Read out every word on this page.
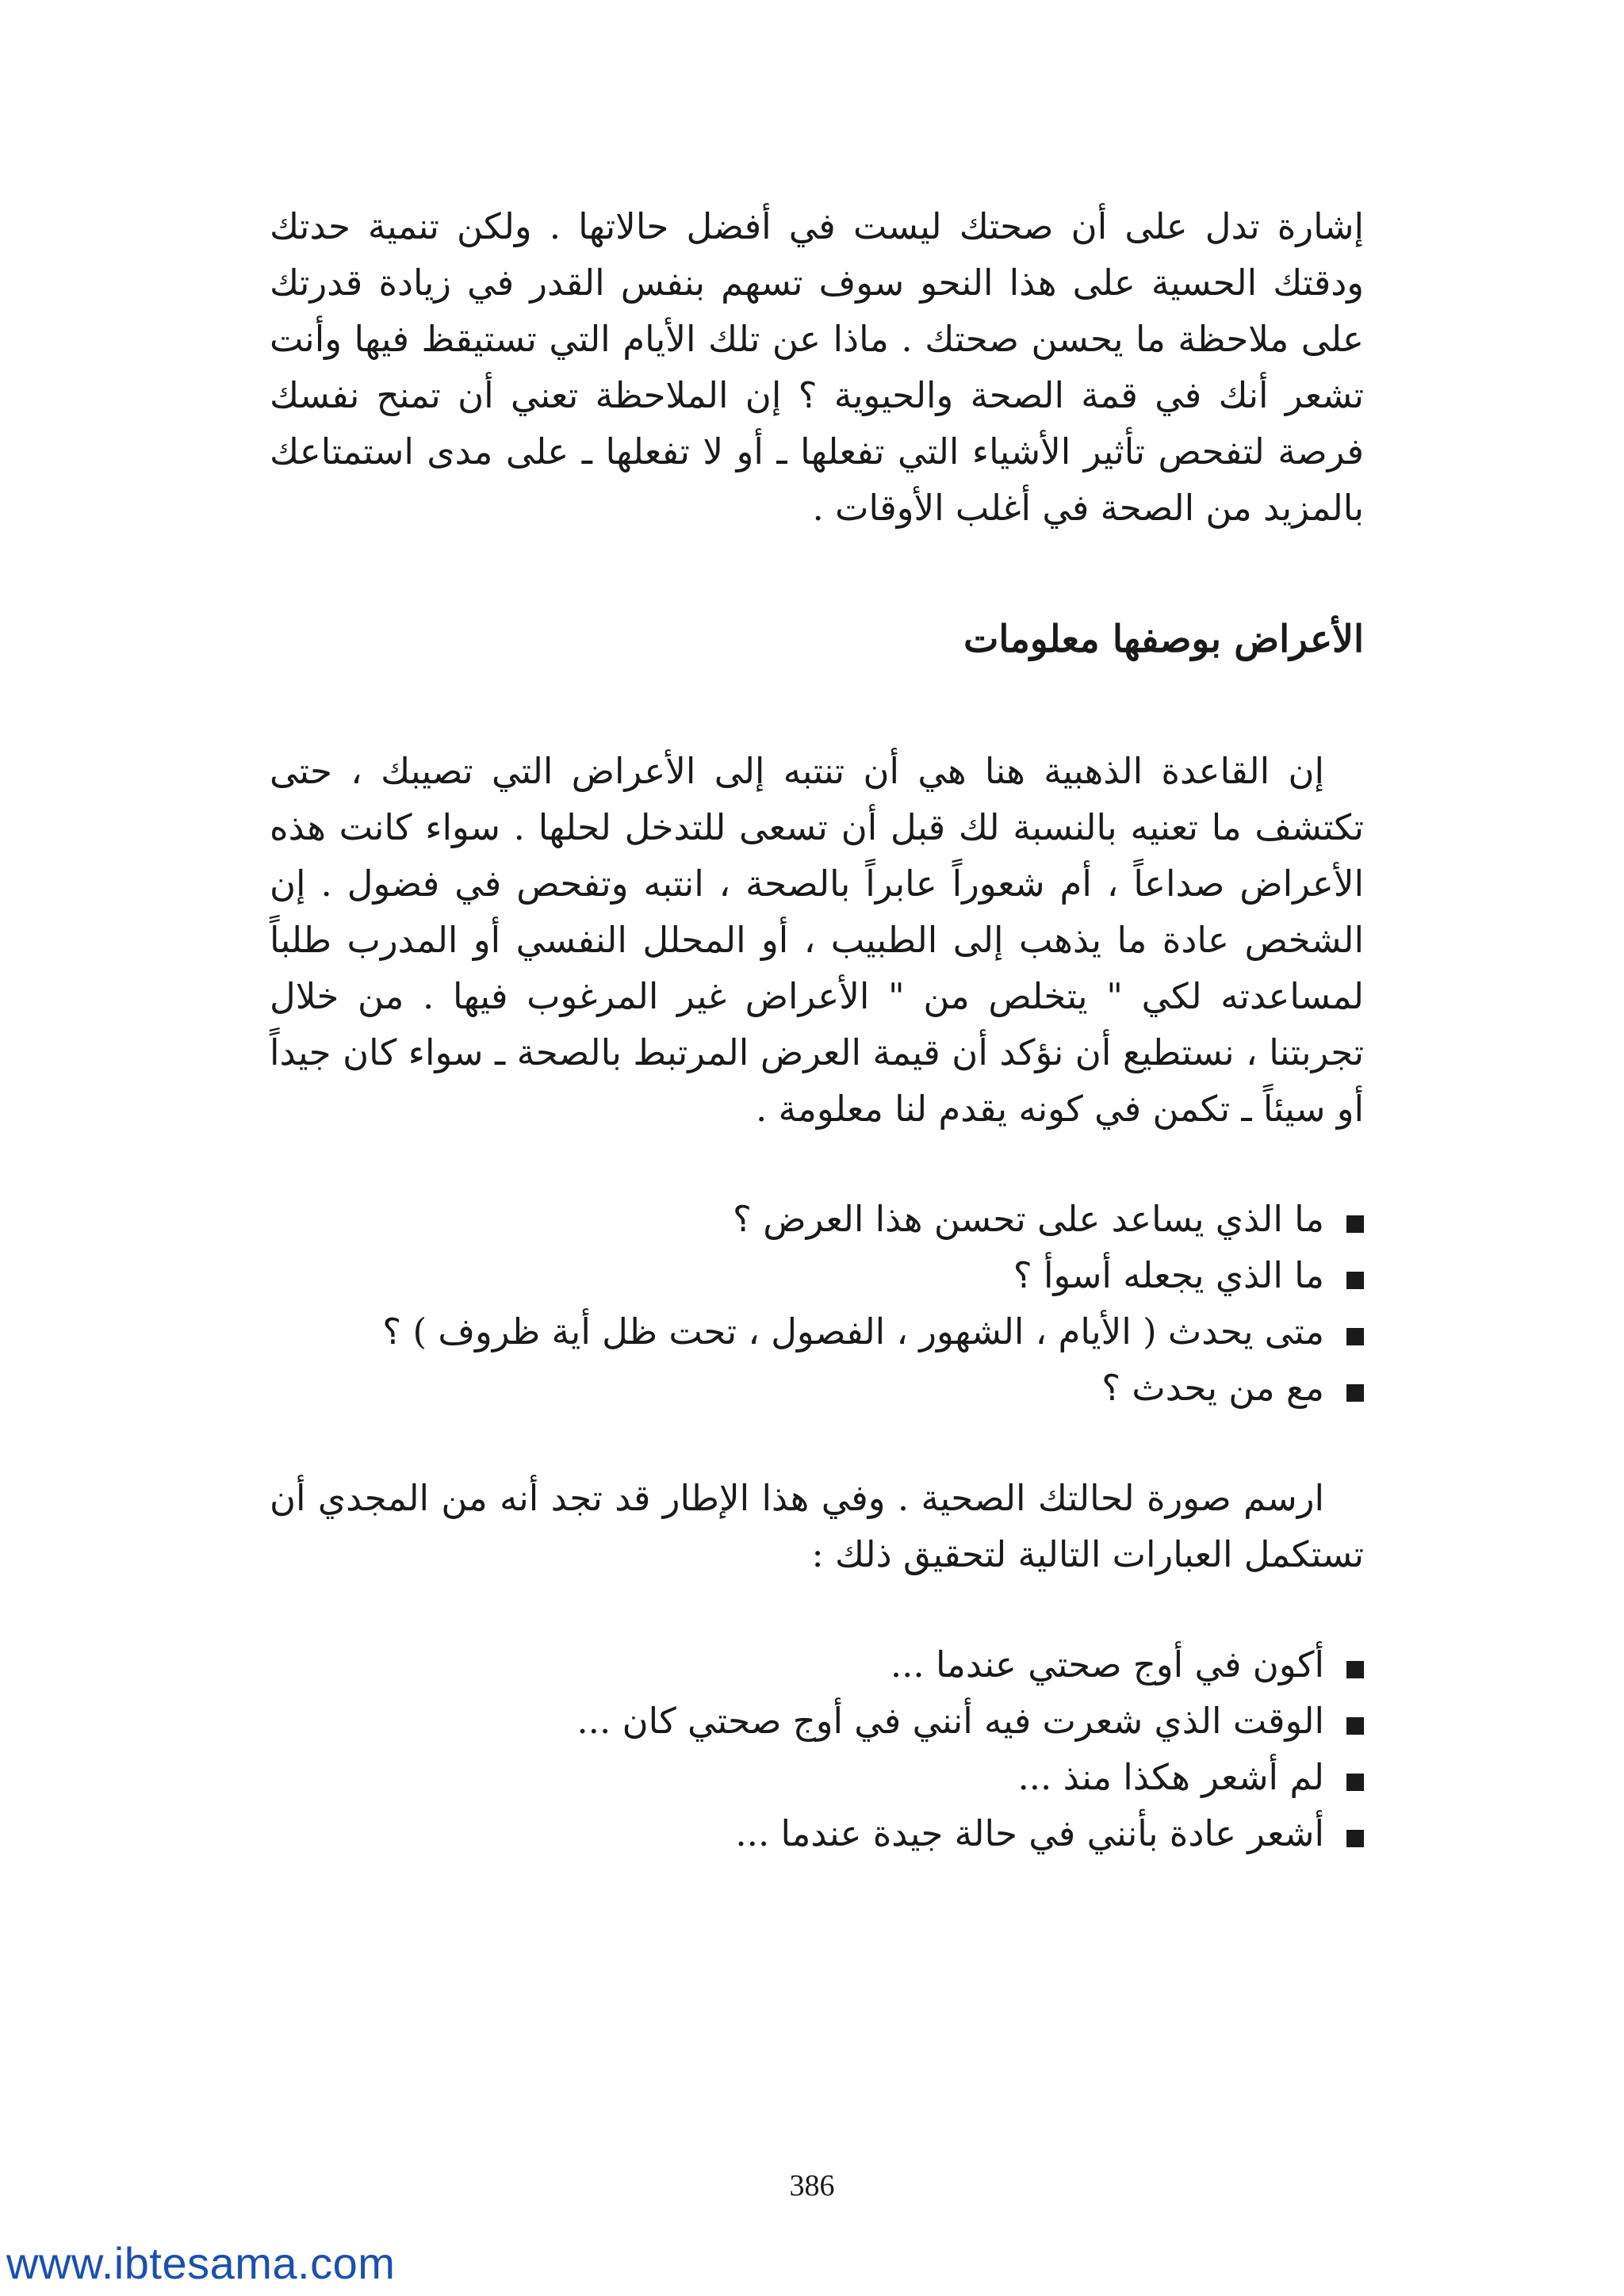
إشارة تدل على أن صحتك ليست في أفضل حالاتها . ولكن تنمية حدتك ودقتك الحسية على هذا النحو سوف تسهم بنفس القدر في زيادة قدرتك على ملاحظة ما يحسن صحتك . ماذا عن تلك الأيام التي تستيقظ فيها وأنت تشعر أنك في قمة الصحة والحيوية ؟ إن الملاحظة تعني أن تمنح نفسك فرصة لتفحص تأثير الأشياء التي تفعلها ـ أو لا تفعلها ـ على مدى استمتاعك بالمزيد من الصحة في أغلب الأوقات .

الأعراض بوصفها معلومات

إن القاعدة الذهبية هنا هي أن تنتبه إلى الأعراض التي تصيبك ، حتى تكتشف ما تعنيه بالنسبة لك قبل أن تسعى للتدخل لحلها . سواء كانت هذه الأعراض صداعاً ، أم شعوراً عابراً بالصحة ، انتبه وتفحص في فضول . إن الشخص عادة ما يذهب إلى الطبيب ، أو المحلل النفسي أو المدرب طلباً لمساعدته لكي " يتخلص من " الأعراض غير المرغوب فيها . من خلال تجربتنا ، نستطيع أن نؤكد أن قيمة العرض المرتبط بالصحة ـ سواء كان جيداً أو سيئاً ـ تكمن في كونه يقدم لنا معلومة .

ما الذي يساعد على تحسن هذا العرض ؟
ما الذي يجعله أسوأ ؟
متى يحدث ( الأيام ، الشهور ، الفصول ، تحت ظل أية ظروف ) ؟
مع من يحدث ؟

ارسم صورة لحالتك الصحية . وفي هذا الإطار قد تجد أنه من المجدي أن تستكمل العبارات التالية لتحقيق ذلك :

أكون في أوج صحتي عندما ...
الوقت الذي شعرت فيه أنني في أوج صحتي كان ...
لم أشعر هكذا منذ ...
أشعر عادة بأنني في حالة جيدة عندما ...
386
www.ibtesama.com
